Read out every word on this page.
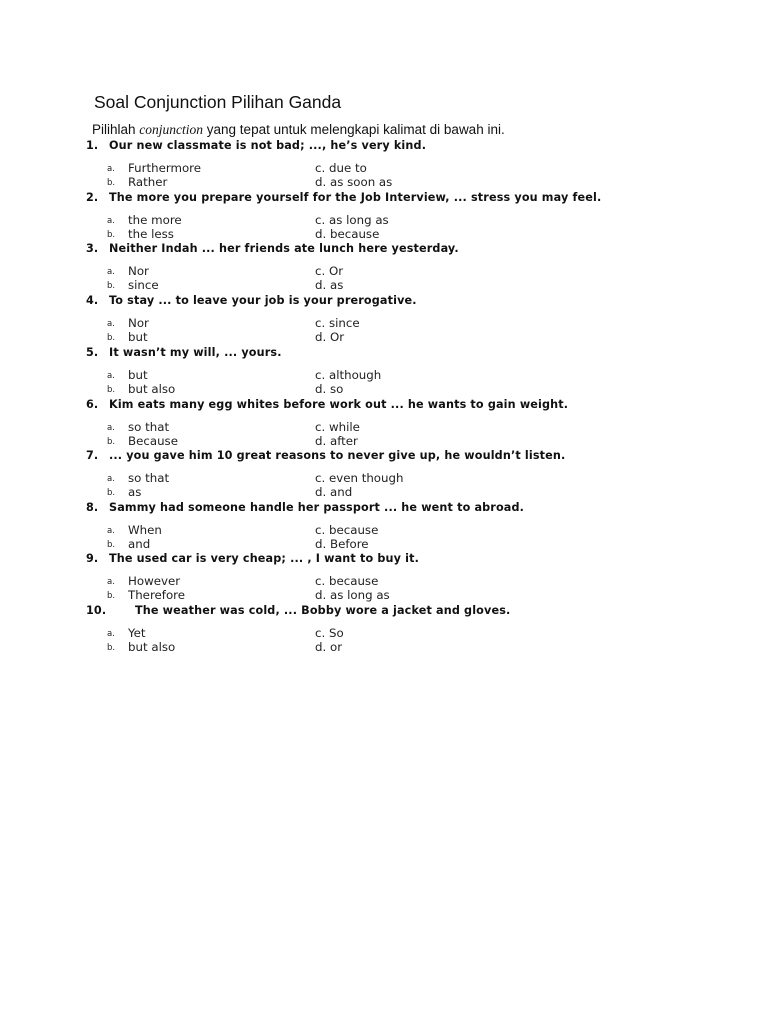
Soal Conjunction Pilihan Ganda
Pilihlah conjunction yang tepat untuk melengkapi kalimat di bawah ini.
1. Our new classmate is not bad; ..., he’s very kind.
a. Furthermore
b. Rather
c. due to
d. as soon as
2. The more you prepare yourself for the Job Interview, ... stress you may feel.
a. the more
b. the less
c. as long as
d. because
3. Neither Indah ... her friends ate lunch here yesterday.
a. Nor
b. since
c. Or
d. as
4. To stay ... to leave your job is your prerogative.
a. Nor
b. but
c. since
d. Or
5. It wasn’t my will, ... yours.
a. but
b. but also
c. although
d. so
6. Kim eats many egg whites before work out ... he wants to gain weight.
a. so that
b. Because
c. while
d. after
7. ... you gave him 10 great reasons to never give up, he wouldn’t listen.
a. so that
b. as
c. even though
d. and
8. Sammy had someone handle her passport ... he went to abroad.
a. When
b. and
c. because
d. Before
9. The used car is very cheap; ... , I want to buy it.
a. However
b. Therefore
c. because
d. as long as
10.	The weather was cold, ... Bobby wore a jacket and gloves.
a. Yet
b. but also
c. So
d. or
